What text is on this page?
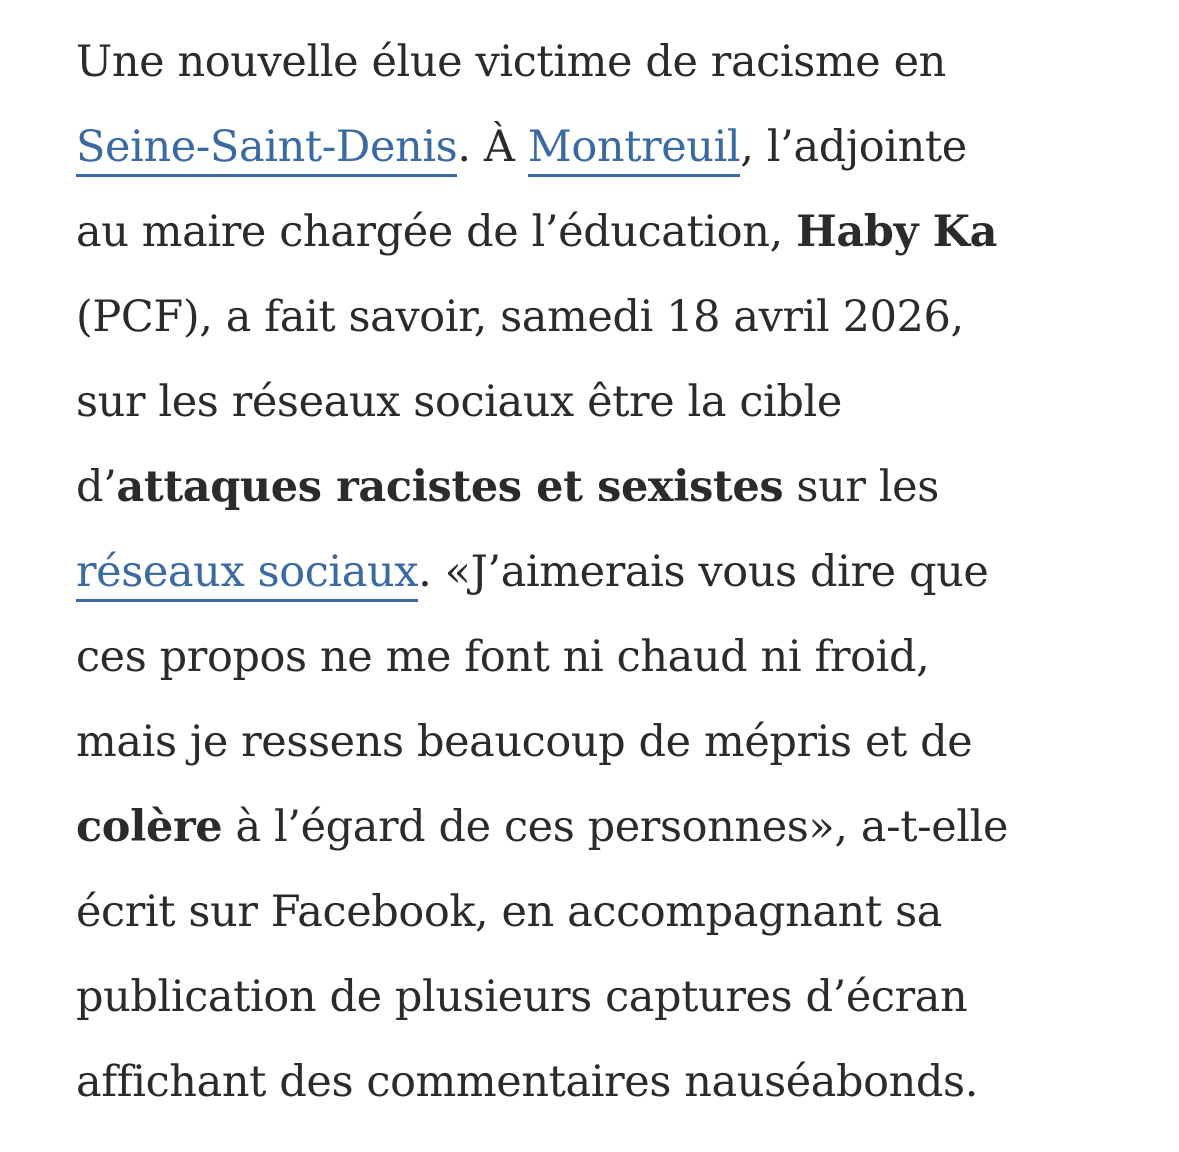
Une nouvelle élue victime de racisme en
Seine-Saint-Denis. À Montreuil, l’adjointe
au maire chargée de l’éducation, Haby Ka
(PCF), a fait savoir, samedi 18 avril 2026,
sur les réseaux sociaux être la cible
d’attaques racistes et sexistes sur les
réseaux sociaux. «J’aimerais vous dire que
ces propos ne me font ni chaud ni froid,
mais je ressens beaucoup de mépris et de
colère à l’égard de ces personnes», a-t-elle
écrit sur Facebook, en accompagnant sa
publication de plusieurs captures d’écran
affichant des commentaires nauséabonds.
